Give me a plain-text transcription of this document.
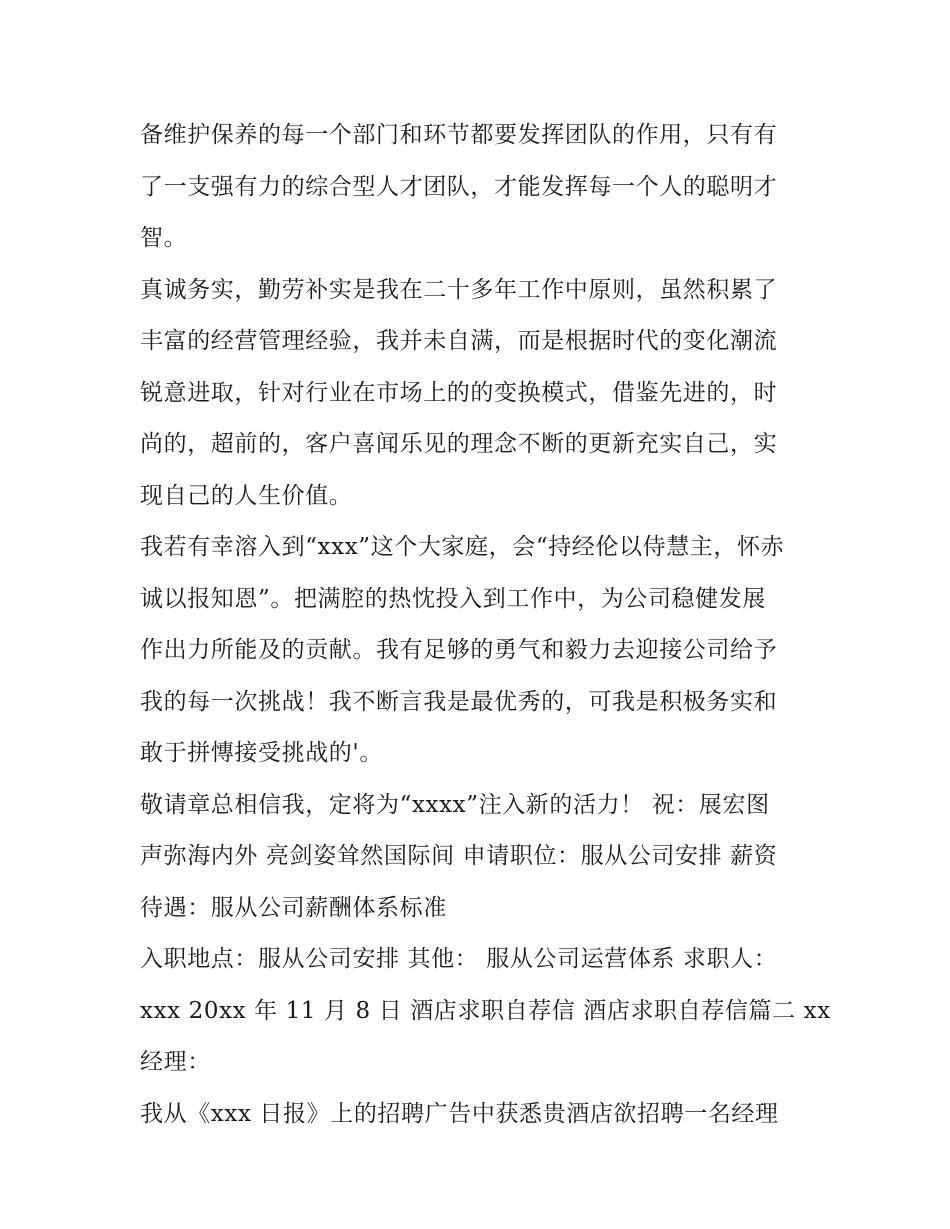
备维护保养的每一个部门和环节都要发挥团队的作用，只有有
了一支强有力的综合型人才团队，才能发挥每一个人的聪明才
智。
真诚务实，勤劳补实是我在二十多年工作中原则，虽然积累了
丰富的经营管理经验，我并未自满，而是根据时代的变化潮流
锐意进取，针对行业在市场上的的变换模式，借鉴先进的，时
尚的，超前的，客户喜闻乐见的理念不断的更新充实自己，实
现自己的人生价值。
我若有幸溶入到“xxx”这个大家庭，会“持经伦以侍慧主，怀赤
诚以报知恩”。把满腔的热忱投入到工作中，为公司稳健发展
作出力所能及的贡献。我有足够的勇气和毅力去迎接公司给予
我的每一次挑战！我不断言我是最优秀的，可我是积极务实和
敢于拼慱接受挑战的'。
敬请章总相信我，定将为“xxxx”注入新的活力！ 祝：展宏图
声弥海内外 亮剑姿耸然国际间 申请职位：服从公司安排 薪资
待遇：服从公司薪酬体系标准
入职地点：服从公司安排 其他： 服从公司运营体系 求职人：
xxx 20xx 年 11 月 8 日 酒店求职自荐信 酒店求职自荐信篇二 xx
经理：
我从《xxx 日报》上的招聘广告中获悉贵酒店欲招聘一名经理
